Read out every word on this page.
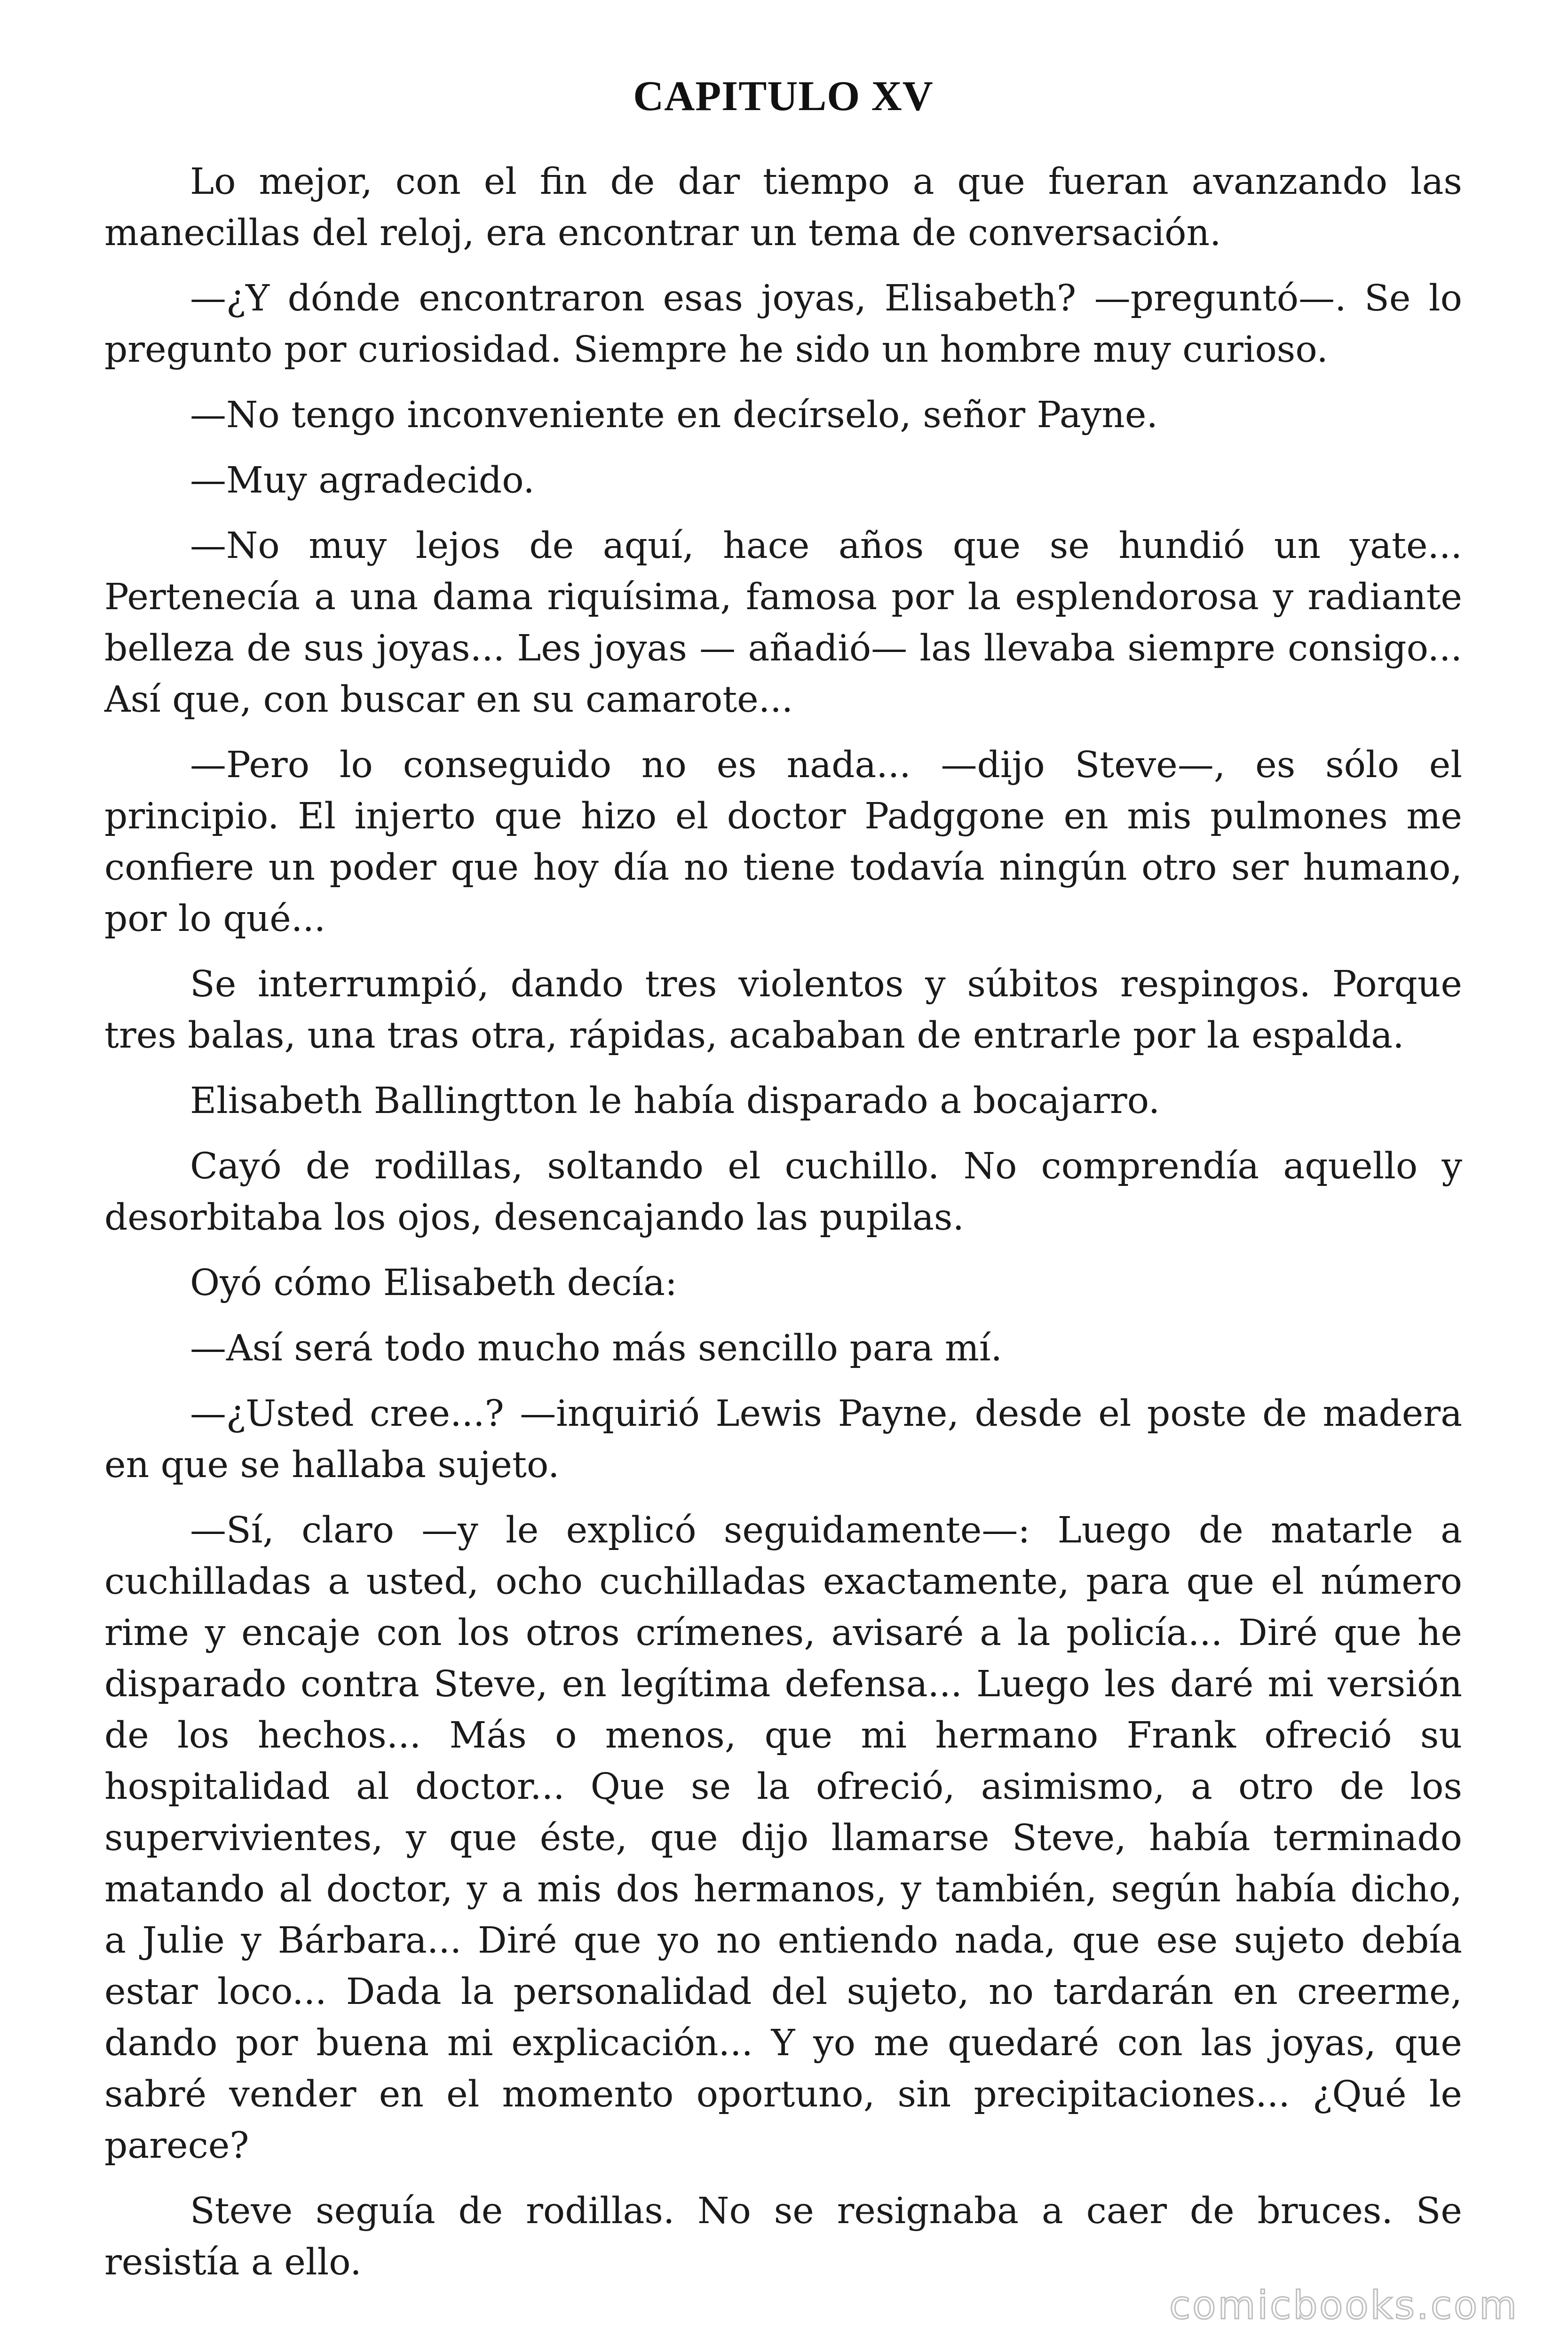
CAPITULO XV

Lo mejor, con el fin de dar tiempo a que fueran avanzando las manecillas del reloj, era encontrar un tema de conversación.

—¿Y dónde encontraron esas joyas, Elisabeth? —preguntó—. Se lo pregunto por curiosidad. Siempre he sido un hombre muy curioso.

—No tengo inconveniente en decírselo, señor Payne.

—Muy agradecido.

—No muy lejos de aquí, hace años que se hundió un yate... Pertenecía a una dama riquísima, famosa por la esplendorosa y radiante belleza de sus joyas... Les joyas — añadió— las llevaba siempre consigo... Así que, con buscar en su camarote...

—Pero lo conseguido no es nada... —dijo Steve—, es sólo el principio. El injerto que hizo el doctor Padggone en mis pulmones me confiere un poder que hoy día no tiene todavía ningún otro ser humano, por lo qué...

Se interrumpió, dando tres violentos y súbitos respingos. Porque tres balas, una tras otra, rápidas, acababan de entrarle por la espalda.

Elisabeth Ballingtton le había disparado a bocajarro.

Cayó de rodillas, soltando el cuchillo. No comprendía aquello y desorbitaba los ojos, desencajando las pupilas.

Oyó cómo Elisabeth decía:

—Así será todo mucho más sencillo para mí.

—¿Usted cree...? —inquirió Lewis Payne, desde el poste de madera en que se hallaba sujeto.

—Sí, claro —y le explicó seguidamente—: Luego de matarle a cuchilladas a usted, ocho cuchilladas exactamente, para que el número rime y encaje con los otros crímenes, avisaré a la policía... Diré que he disparado contra Steve, en legítima defensa... Luego les daré mi versión de los hechos... Más o menos, que mi hermano Frank ofreció su hospitalidad al doctor... Que se la ofreció, asimismo, a otro de los supervivientes, y que éste, que dijo llamarse Steve, había terminado matando al doctor, y a mis dos hermanos, y también, según había dicho, a Julie y Bárbara... Diré que yo no entiendo nada, que ese sujeto debía estar loco... Dada la personalidad del sujeto, no tardarán en creerme, dando por buena mi explicación... Y yo me quedaré con las joyas, que sabré vender en el momento oportuno, sin precipitaciones... ¿Qué le parece?

Steve seguía de rodillas. No se resignaba a caer de bruces. Se resistía a ello.

comicbooks.com
